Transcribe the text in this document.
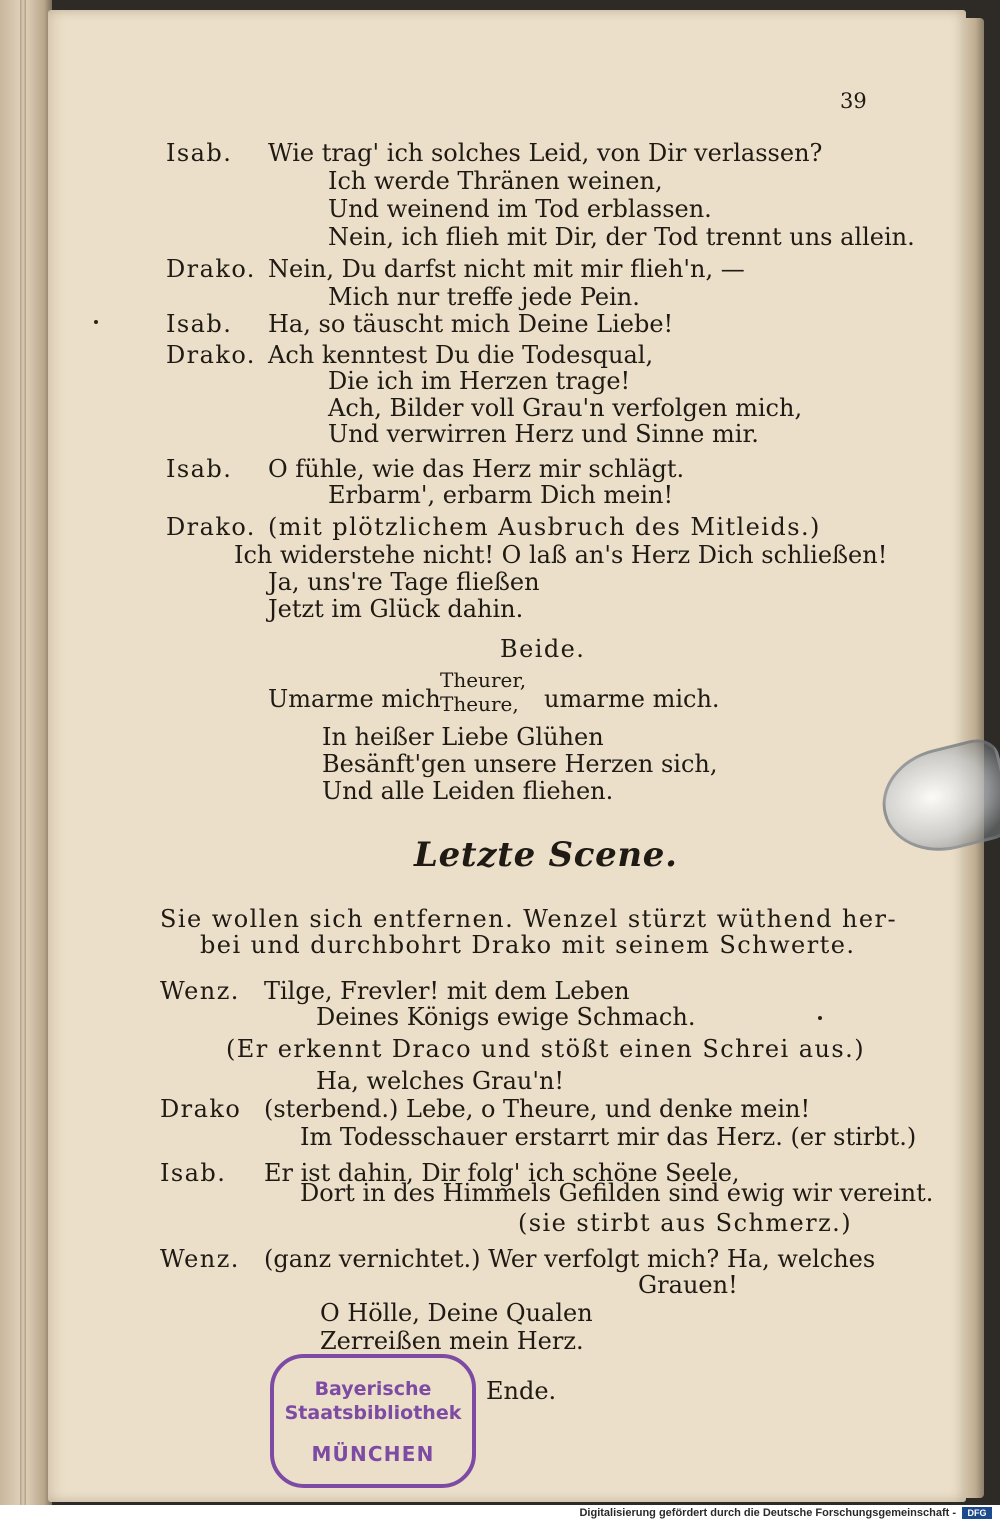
39
Isab. Wie trag' ich solches Leid, von Dir verlassen?
Ich werde Thränen weinen,
Und weinend im Tod erblassen.
Nein, ich flieh mit Dir, der Tod trennt uns allein.
Drako. Nein, Du darfst nicht mit mir flieh'n, —
Mich nur treffe jede Pein.
Isab. Ha, so täuscht mich Deine Liebe!
Drako. Ach kenntest Du die Todesqual,
Die ich im Herzen trage!
Ach, Bilder voll Grau'n verfolgen mich,
Und verwirren Herz und Sinne mir.
Isab. O fühle, wie das Herz mir schlägt.
Erbarm', erbarm Dich mein!
Drako. (mit plötzlichem Ausbruch des Mitleids.)
Ich widerstehe nicht! O laß an's Herz Dich schließen!
Ja, uns're Tage fließen
Jetzt im Glück dahin.
Beide.
Umarme mich
Theurer,
Theure, umarme mich.
In heißer Liebe Glühen
Besänft'gen unsere Herzen sich,
Und alle Leiden fliehen.
Letzte Scene.
Sie wollen sich entfernen. Wenzel stürzt wüthend her-
bei und durchbohrt Drako mit seinem Schwerte.
Wenz. Tilge, Frevler! mit dem Leben
Deines Königs ewige Schmach.
(Er erkennt Draco und stößt einen Schrei aus.)
Ha, welches Grau'n!
Drako (sterbend.) Lebe, o Theure, und denke mein!
Im Todesschauer erstarrt mir das Herz. (er stirbt.)
Isab. Er ist dahin, Dir folg' ich schöne Seele,
Dort in des Himmels Gefilden sind ewig wir vereint.
(sie stirbt aus Schmerz.)
Wenz. (ganz vernichtet.) Wer verfolgt mich? Ha, welches
Grauen!
O Hölle, Deine Qualen
Zerreißen mein Herz.
Ende.
Bayerische
Staatsbibliothek
MÜNCHEN
Digitalisierung gefördert durch die Deutsche Forschungsgemeinschaft -	DFG
